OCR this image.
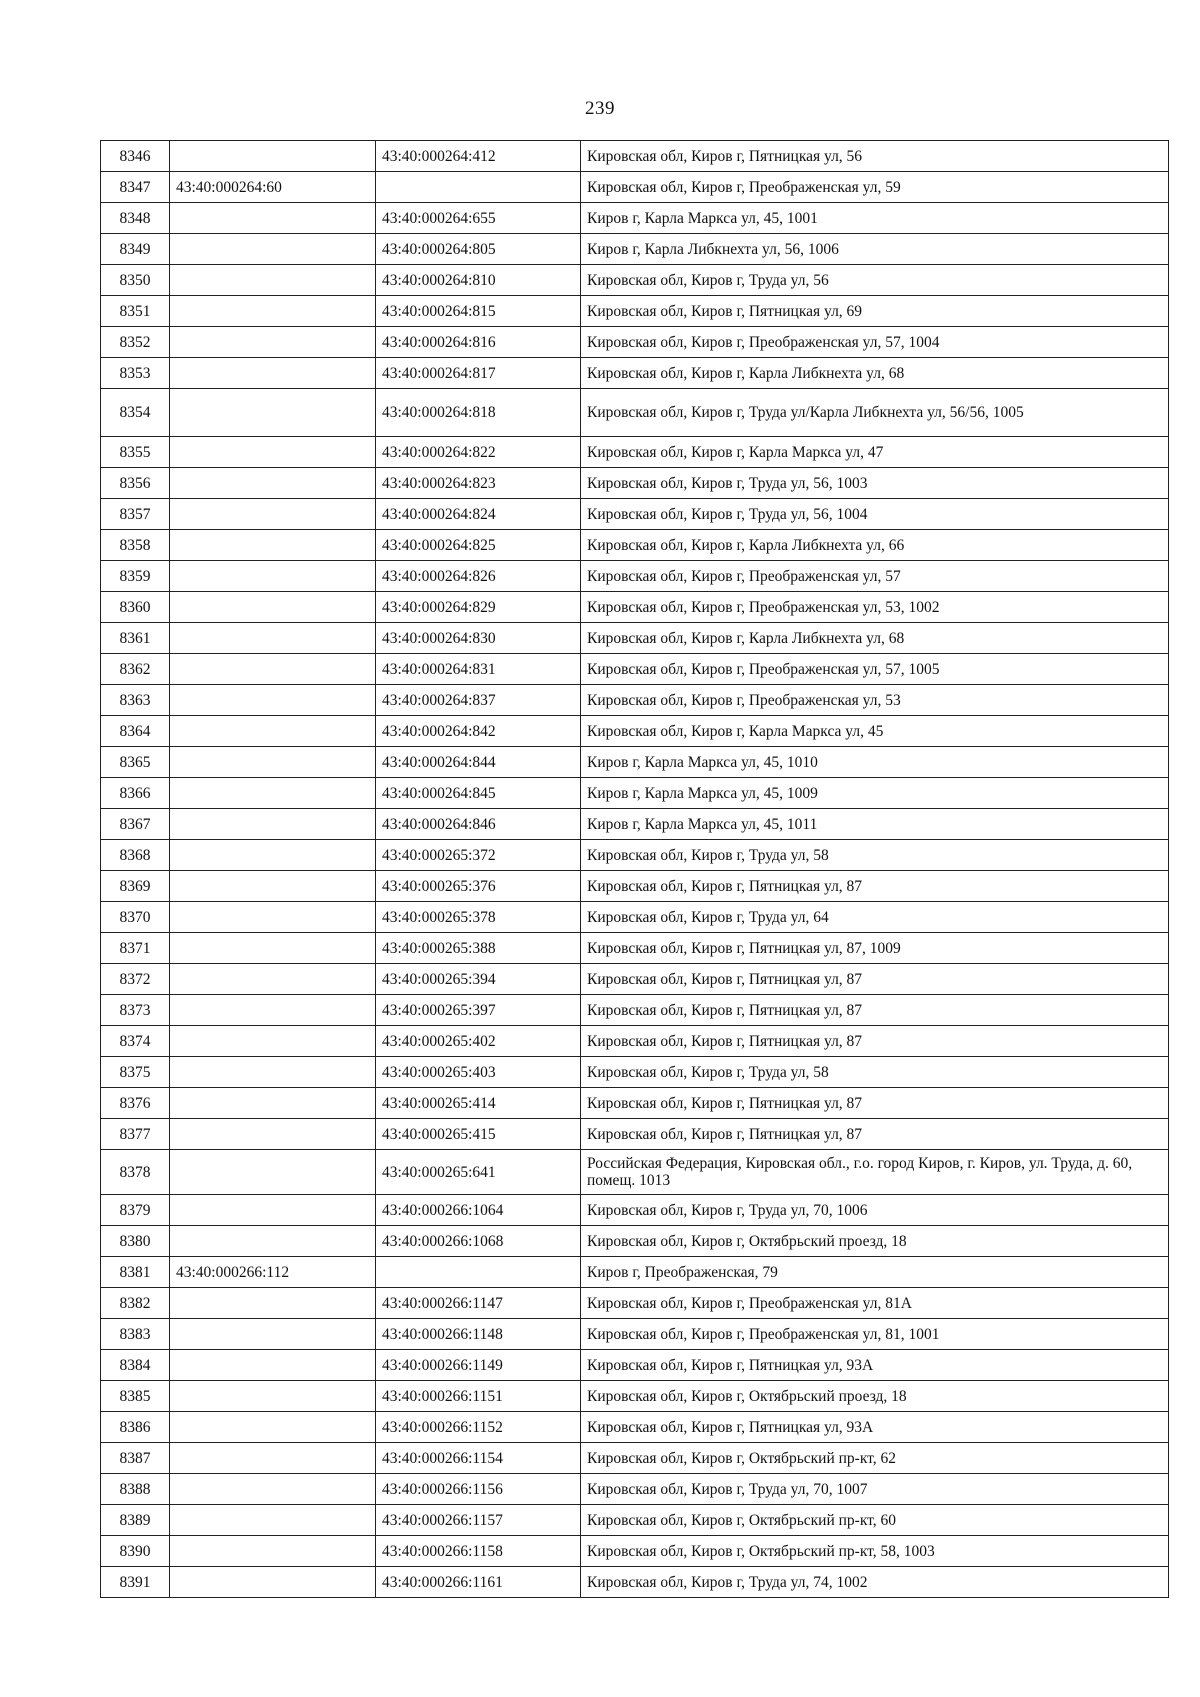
239
8346		43:40:000264:412	Кировская обл, Киров г, Пятницкая ул, 56
8347	43:40:000264:60		Кировская обл, Киров г, Преображенская ул, 59
8348		43:40:000264:655	Киров г, Карла Маркса ул, 45, 1001
8349		43:40:000264:805	Киров г, Карла Либкнехта ул, 56, 1006
8350		43:40:000264:810	Кировская обл, Киров г, Труда ул, 56
8351		43:40:000264:815	Кировская обл, Киров г, Пятницкая ул, 69
8352		43:40:000264:816	Кировская обл, Киров г, Преображенская ул, 57, 1004
8353		43:40:000264:817	Кировская обл, Киров г, Карла Либкнехта ул, 68
8354		43:40:000264:818	Кировская обл, Киров г, Труда ул/Карла Либкнехта ул, 56/56, 1005
8355		43:40:000264:822	Кировская обл, Киров г, Карла Маркса ул, 47
8356		43:40:000264:823	Кировская обл, Киров г, Труда ул, 56, 1003
8357		43:40:000264:824	Кировская обл, Киров г, Труда ул, 56, 1004
8358		43:40:000264:825	Кировская обл, Киров г, Карла Либкнехта ул, 66
8359		43:40:000264:826	Кировская обл, Киров г, Преображенская ул, 57
8360		43:40:000264:829	Кировская обл, Киров г, Преображенская ул, 53, 1002
8361		43:40:000264:830	Кировская обл, Киров г, Карла Либкнехта ул, 68
8362		43:40:000264:831	Кировская обл, Киров г, Преображенская ул, 57, 1005
8363		43:40:000264:837	Кировская обл, Киров г, Преображенская ул, 53
8364		43:40:000264:842	Кировская обл, Киров г, Карла Маркса ул, 45
8365		43:40:000264:844	Киров г, Карла Маркса ул, 45, 1010
8366		43:40:000264:845	Киров г, Карла Маркса ул, 45, 1009
8367		43:40:000264:846	Киров г, Карла Маркса ул, 45, 1011
8368		43:40:000265:372	Кировская обл, Киров г, Труда ул, 58
8369		43:40:000265:376	Кировская обл, Киров г, Пятницкая ул, 87
8370		43:40:000265:378	Кировская обл, Киров г, Труда ул, 64
8371		43:40:000265:388	Кировская обл, Киров г, Пятницкая ул, 87, 1009
8372		43:40:000265:394	Кировская обл, Киров г, Пятницкая ул, 87
8373		43:40:000265:397	Кировская обл, Киров г, Пятницкая ул, 87
8374		43:40:000265:402	Кировская обл, Киров г, Пятницкая ул, 87
8375		43:40:000265:403	Кировская обл, Киров г, Труда ул, 58
8376		43:40:000265:414	Кировская обл, Киров г, Пятницкая ул, 87
8377		43:40:000265:415	Кировская обл, Киров г, Пятницкая ул, 87
8378		43:40:000265:641	Российская Федерация, Кировская обл., г.о. город Киров, г. Киров, ул. Труда, д. 60, помещ. 1013
8379		43:40:000266:1064	Кировская обл, Киров г, Труда ул, 70, 1006
8380		43:40:000266:1068	Кировская обл, Киров г, Октябрьский проезд, 18
8381	43:40:000266:112		Киров г, Преображенская, 79
8382		43:40:000266:1147	Кировская обл, Киров г, Преображенская ул, 81А
8383		43:40:000266:1148	Кировская обл, Киров г, Преображенская ул, 81, 1001
8384		43:40:000266:1149	Кировская обл, Киров г, Пятницкая ул, 93А
8385		43:40:000266:1151	Кировская обл, Киров г, Октябрьский проезд, 18
8386		43:40:000266:1152	Кировская обл, Киров г, Пятницкая ул, 93А
8387		43:40:000266:1154	Кировская обл, Киров г, Октябрьский пр-кт, 62
8388		43:40:000266:1156	Кировская обл, Киров г, Труда ул, 70, 1007
8389		43:40:000266:1157	Кировская обл, Киров г, Октябрьский пр-кт, 60
8390		43:40:000266:1158	Кировская обл, Киров г, Октябрьский пр-кт, 58, 1003
8391		43:40:000266:1161	Кировская обл, Киров г, Труда ул, 74, 1002
